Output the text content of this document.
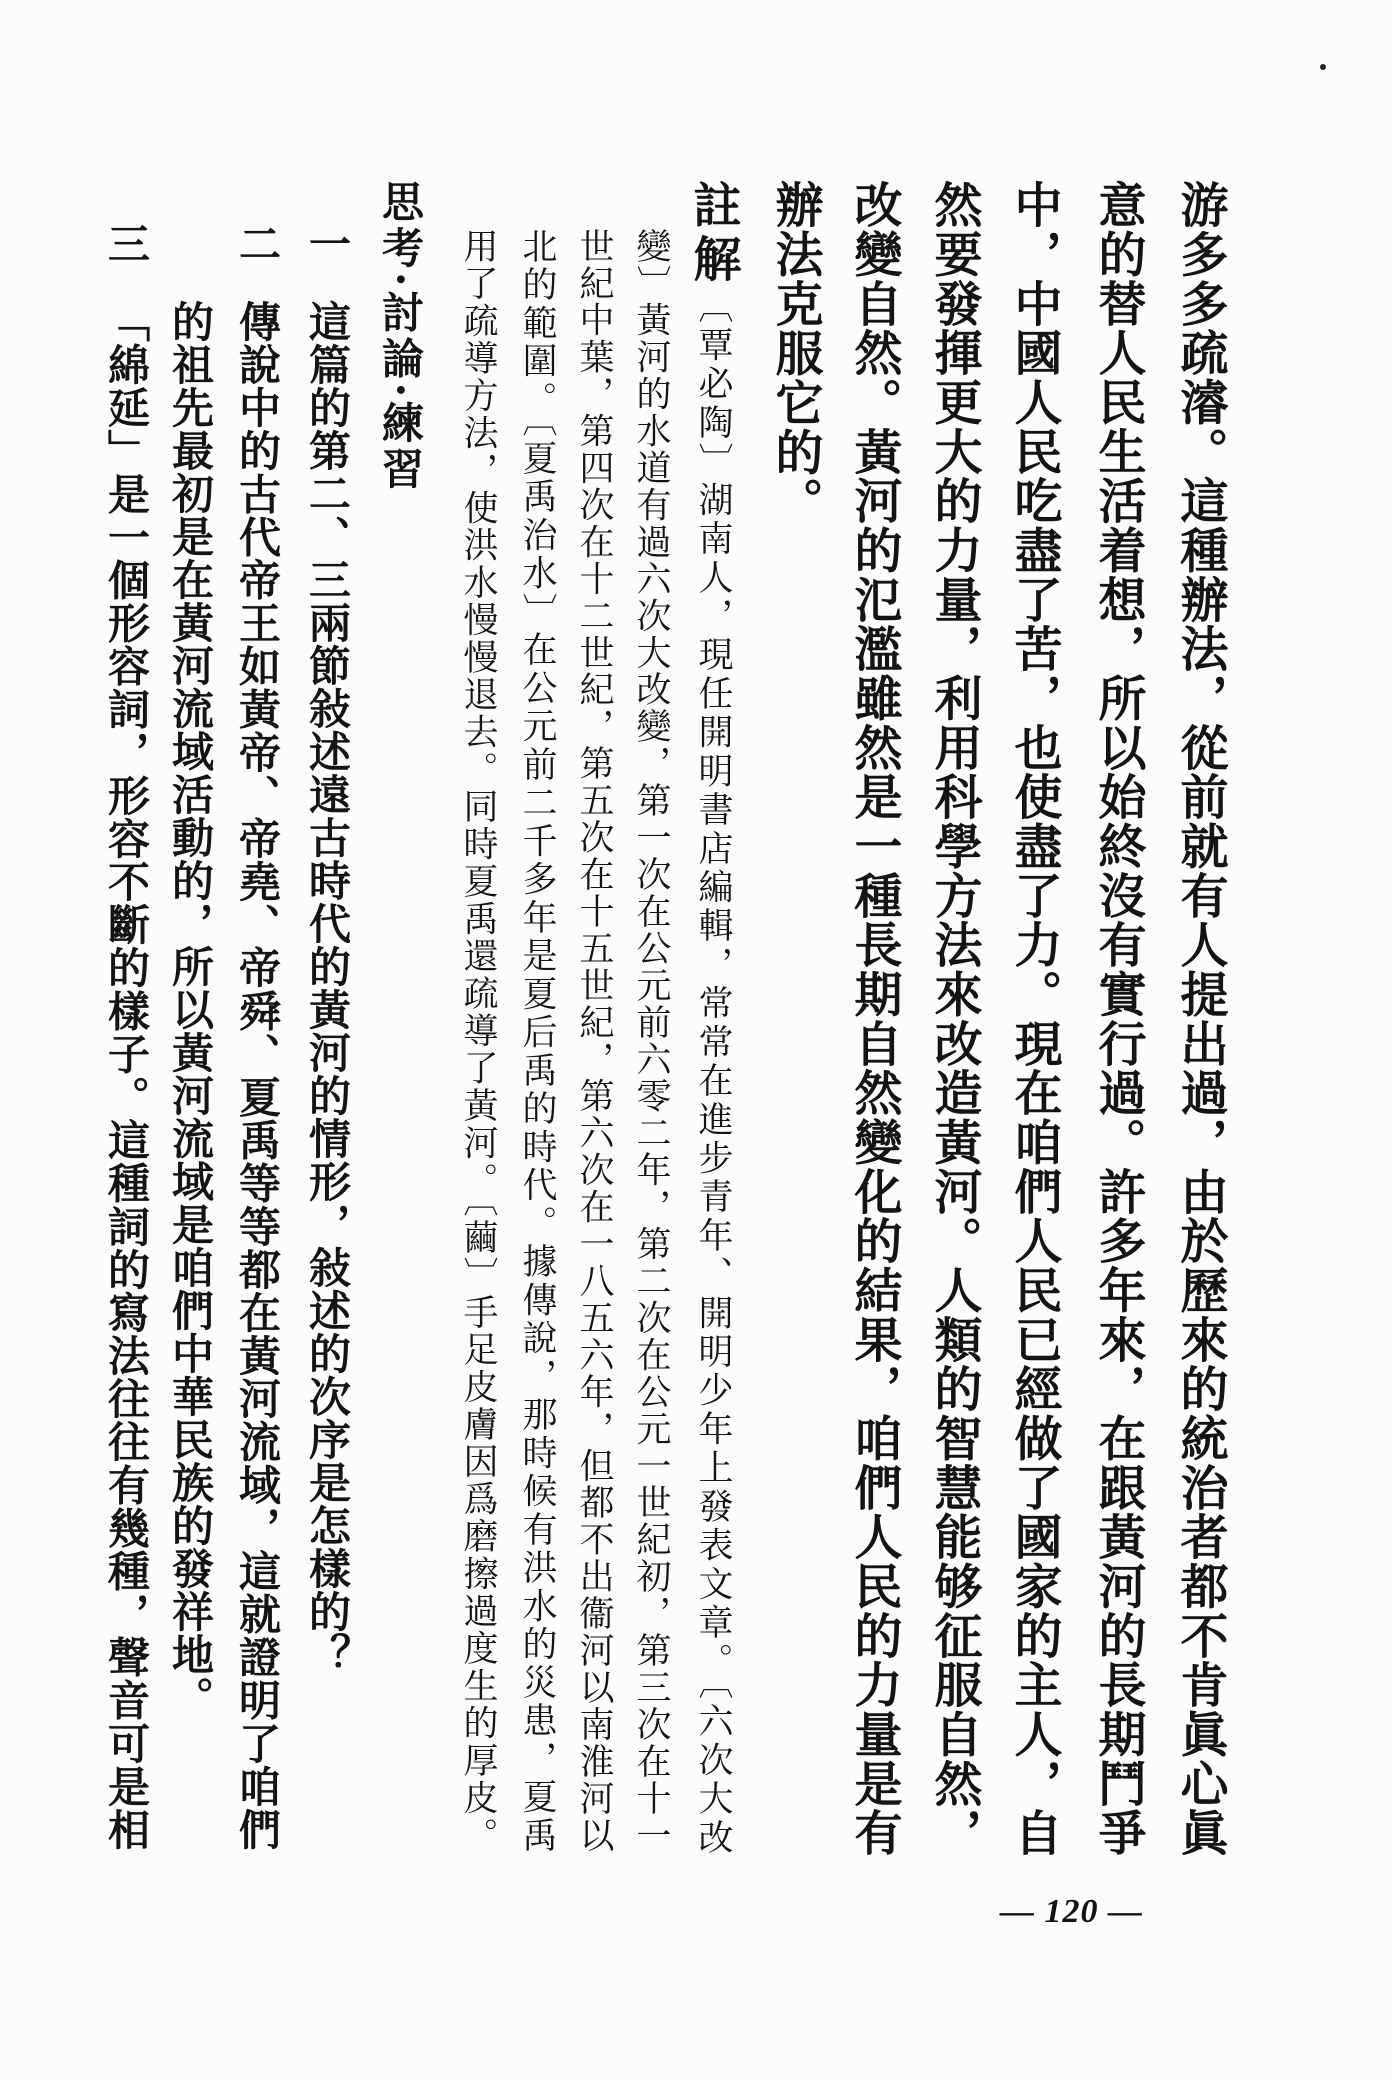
游多多疏濬。這種辦法，從前就有人提出過，由於歷來的統治者都不肯眞心眞

意的替人民生活着想，所以始終沒有實行過。許多年來，在跟黃河的長期鬥爭

中，中國人民吃盡了苦，也使盡了力。現在咱們人民已經做了國家的主人，自

然要發揮更大的力量，利用科學方法來改造黃河。人類的智慧能够征服自然，

改變自然。黃河的氾濫雖然是一種長期自然變化的結果，咱們人民的力量是有

辦法克服它的。

註解

〔覃必陶〕湖南人，現任開明書店編輯，常常在進步青年、開明少年上發表文章。〔六次大改

變〕黃河的水道有過六次大改變，第一次在公元前六零二年，第二次在公元一世紀初，第三次在十一

世紀中葉，第四次在十二世紀，第五次在十五世紀，第六次在一八五六年，但都不出衞河以南淮河以

北的範圍。〔夏禹治水〕在公元前二千多年是夏后禹的時代。據傳說，那時候有洪水的災患，夏禹

用了疏導方法，使洪水慢慢退去。同時夏禹還疏導了黃河。〔繭〕手足皮膚因爲磨擦過度生的厚皮。

思考·討論·練習
一

這篇的第二、三兩節敍述遠古時代的黃河的情形，敍述的次序是怎樣的？

二

傳說中的古代帝王如黃帝、帝堯、帝舜、夏禹等等都在黃河流域，這就證明了咱們

的祖先最初是在黃河流域活動的，所以黃河流域是咱們中華民族的發祥地。

三

「綿延」是一個形容詞，形容不斷的樣子。這種詞的寫法往往有幾種，聲音可是相

— 120 —
